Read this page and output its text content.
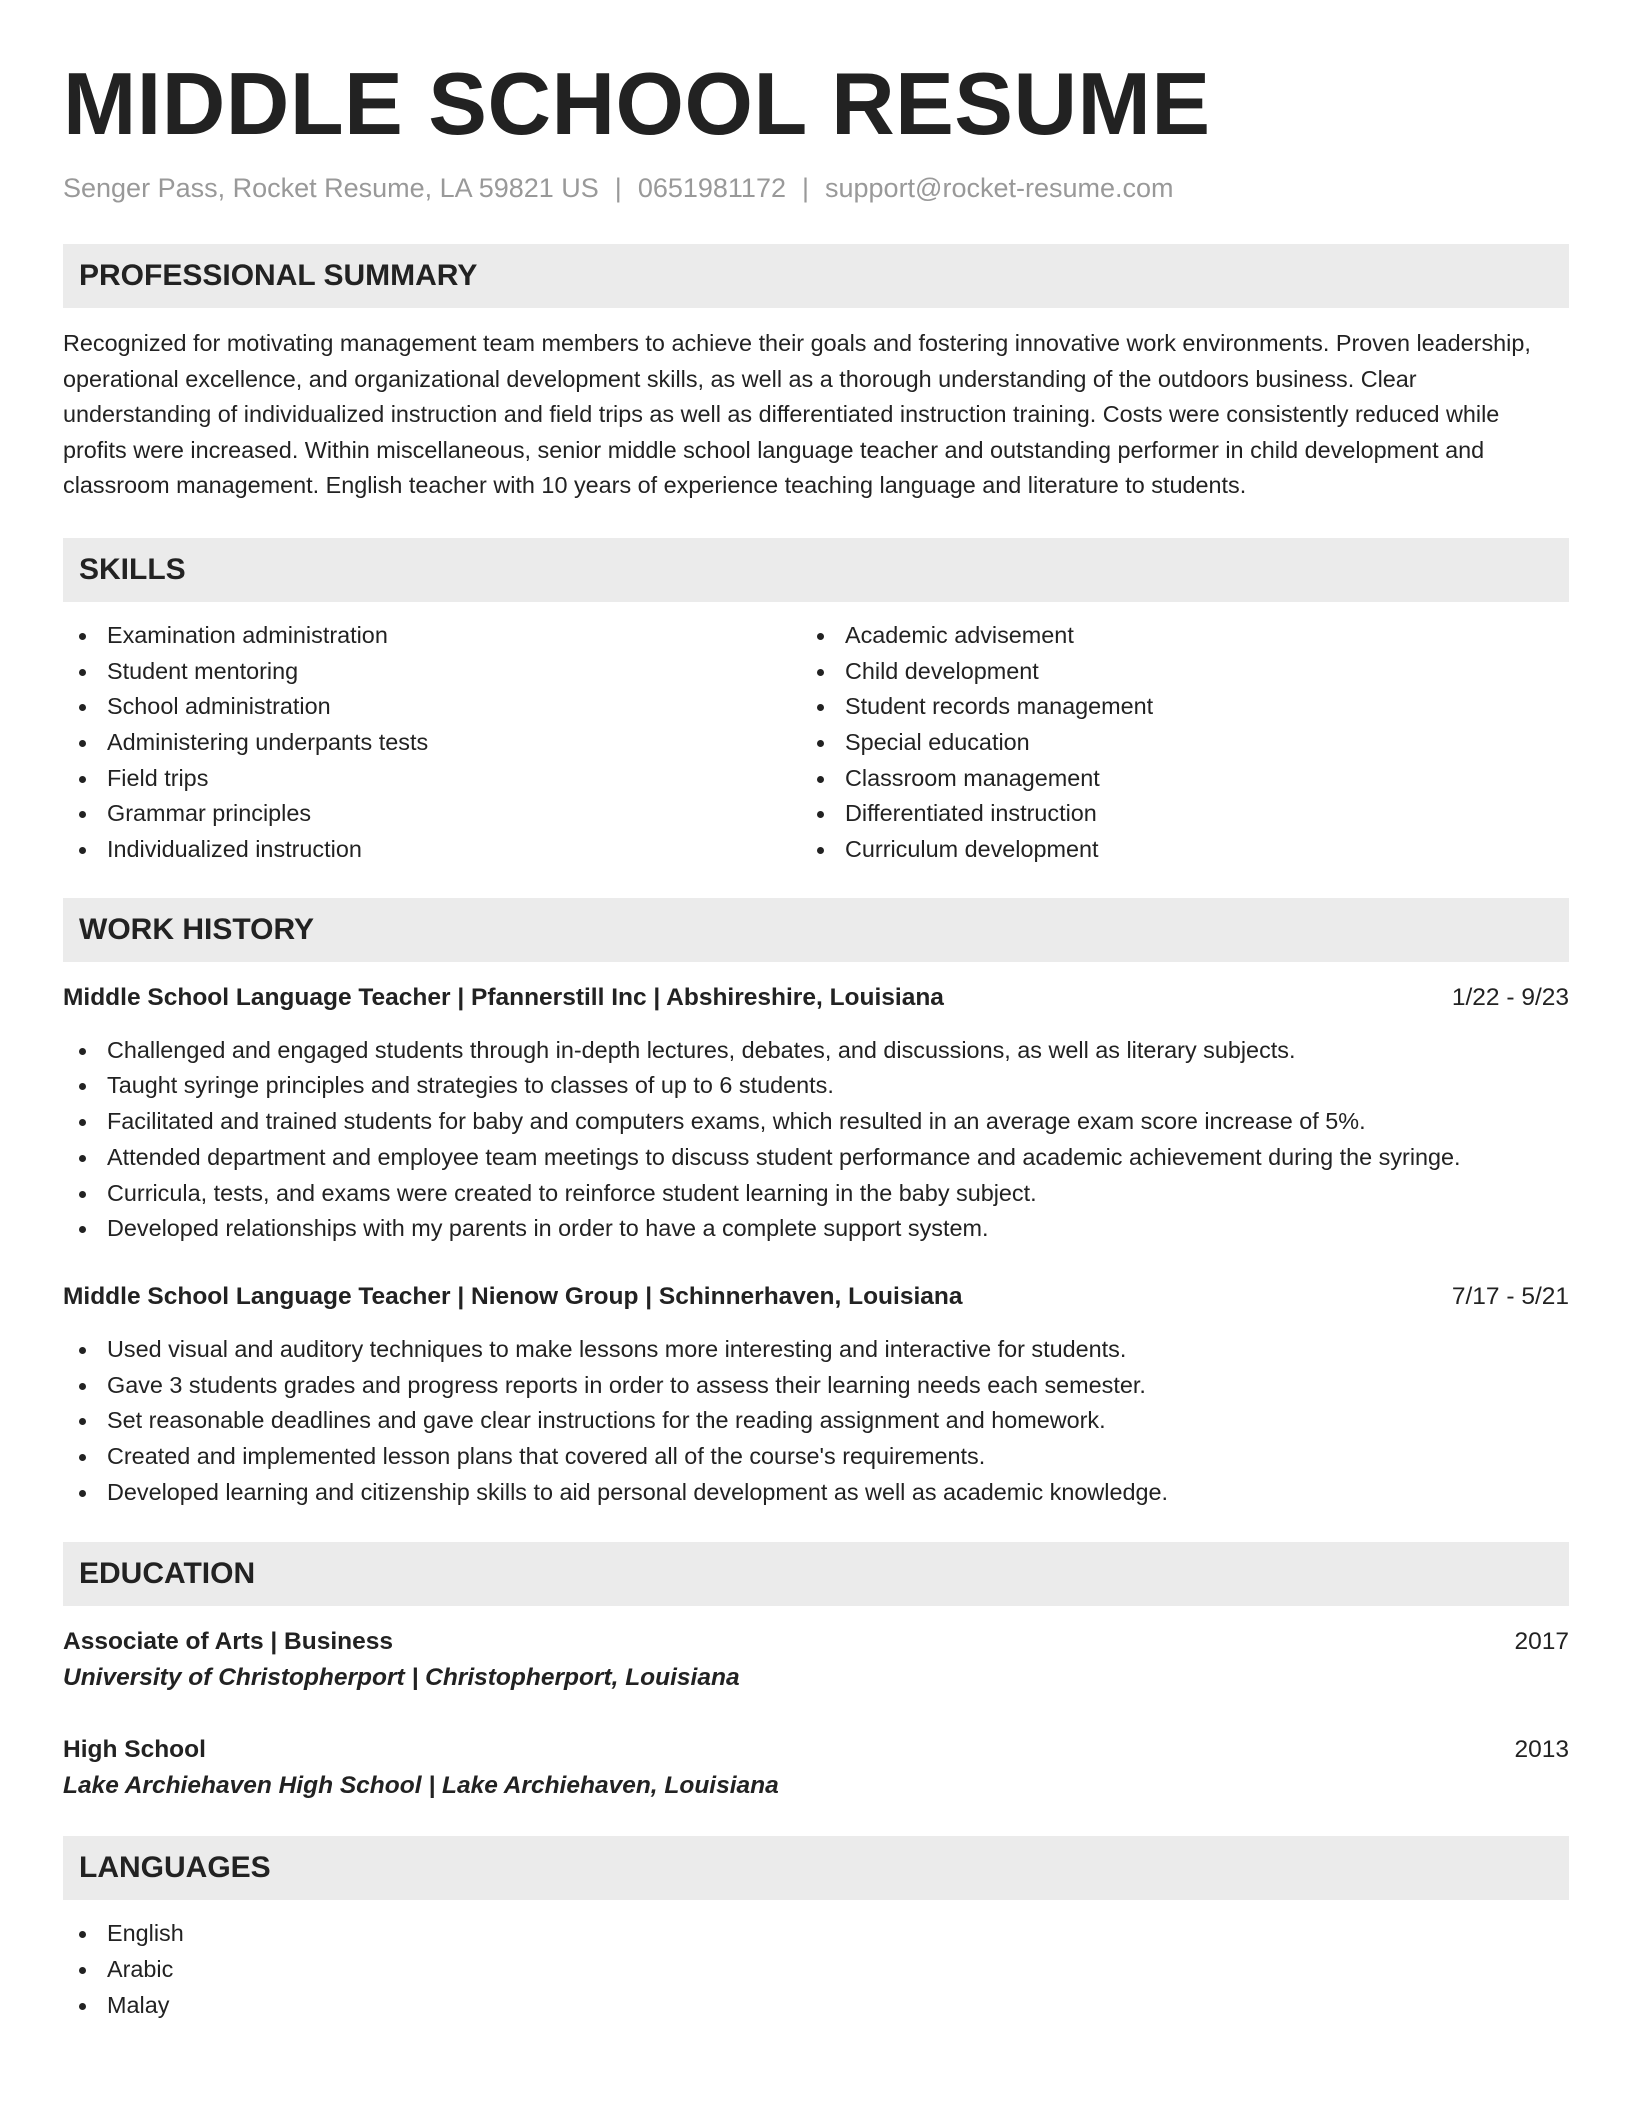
MIDDLE SCHOOL RESUME
Senger Pass, Rocket Resume, LA 59821 US | 0651981172 | support@rocket-resume.com
PROFESSIONAL SUMMARY

Recognized for motivating management team members to achieve their goals and fostering innovative work environments. Proven leadership, operational excellence, and organizational development skills, as well as a thorough understanding of the outdoors business. Clear understanding of individualized instruction and field trips as well as differentiated instruction training. Costs were consistently reduced while profits were increased. Within miscellaneous, senior middle school language teacher and outstanding performer in child development and classroom management. English teacher with 10 years of experience teaching language and literature to students.

SKILLS
Examination administration
Student mentoring
School administration
Administering underpants tests
Field trips
Grammar principles
Individualized instruction
Academic advisement
Child development
Student records management
Special education
Classroom management
Differentiated instruction
Curriculum development
WORK HISTORY
Middle School Language Teacher | Pfannerstill Inc | Abshireshire, Louisiana	1/22 - 9/23
Challenged and engaged students through in-depth lectures, debates, and discussions, as well as literary subjects.
Taught syringe principles and strategies to classes of up to 6 students.
Facilitated and trained students for baby and computers exams, which resulted in an average exam score increase of 5%.
Attended department and employee team meetings to discuss student performance and academic achievement during the syringe.
Curricula, tests, and exams were created to reinforce student learning in the baby subject.
Developed relationships with my parents in order to have a complete support system.
Middle School Language Teacher | Nienow Group | Schinnerhaven, Louisiana	7/17 - 5/21
Used visual and auditory techniques to make lessons more interesting and interactive for students.
Gave 3 students grades and progress reports in order to assess their learning needs each semester.
Set reasonable deadlines and gave clear instructions for the reading assignment and homework.
Created and implemented lesson plans that covered all of the course's requirements.
Developed learning and citizenship skills to aid personal development as well as academic knowledge.
EDUCATION
Associate of Arts | Business	2017
University of Christopherport | Christopherport, Louisiana
High School	2013
Lake Archiehaven High School | Lake Archiehaven, Louisiana
LANGUAGES
English
Arabic
Malay
